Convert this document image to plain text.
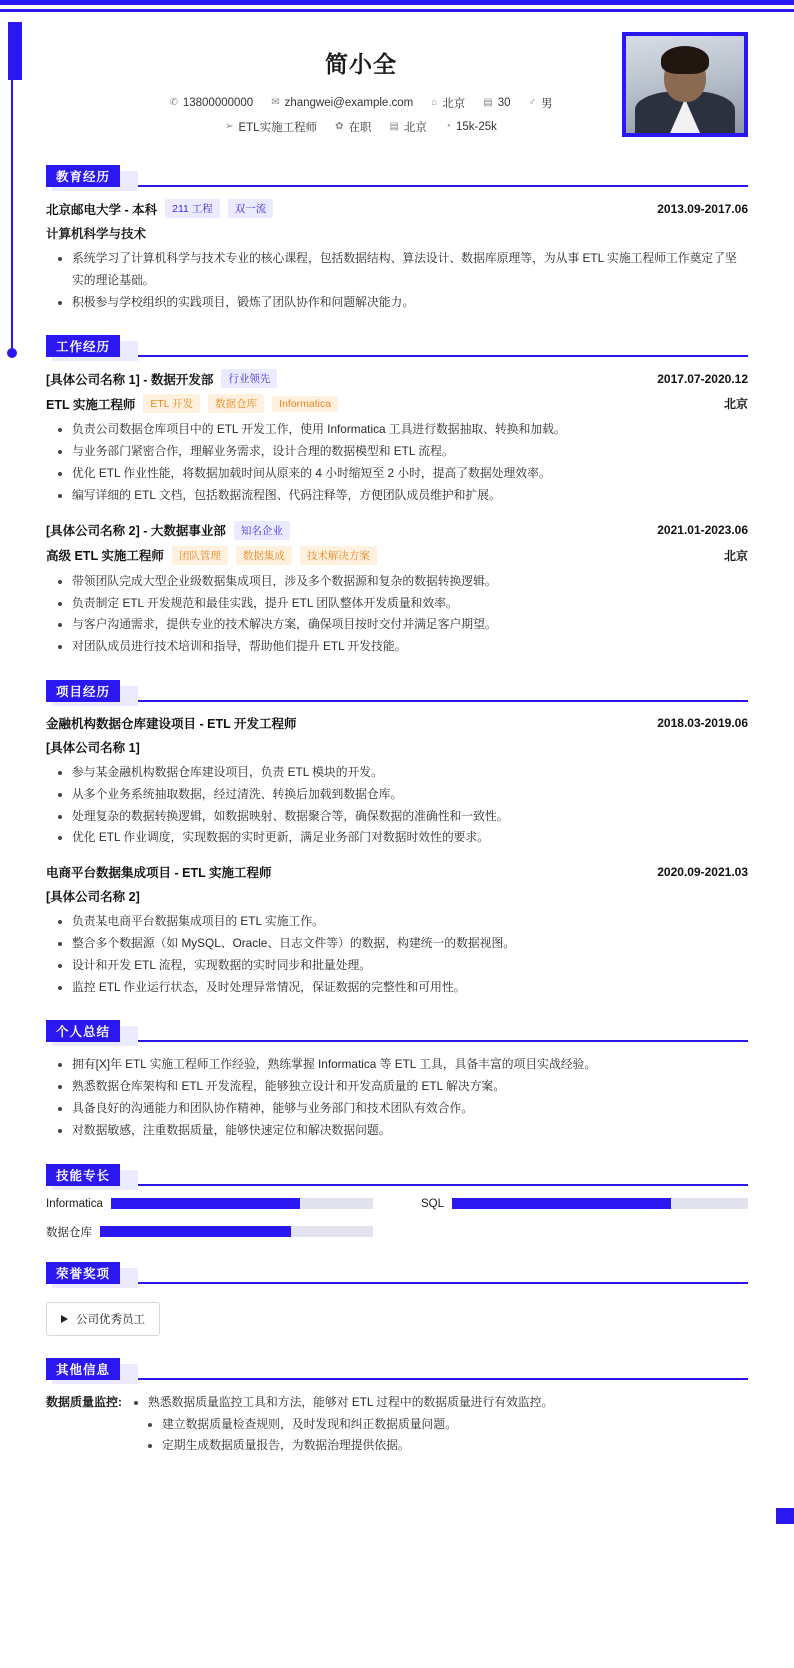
简小全
✆ 13800000000 ✉ zhangwei@example.com ⌂ 北京 ▤ 30 ♂ 男
➢ ETL实施工程师 ✿ 在职 ▤ 北京 ◔ 15k-25k
教育经历
北京邮电大学 - 本科	211 工程	双一流	2013.09-2017.06
计算机科学与技术
系统学习了计算机科学与技术专业的核心课程，包括数据结构、算法设计、数据库原理等，为从事 ETL 实施工程师工作奠定了坚实的理论基础。
积极参与学校组织的实践项目，锻炼了团队协作和问题解决能力。
工作经历
[具体公司名称 1] - 数据开发部	行业领先	2017.07-2020.12
ETL 实施工程师	ETL 开发	数据仓库	Informatica	北京
负责公司数据仓库项目中的 ETL 开发工作，使用 Informatica 工具进行数据抽取、转换和加载。
与业务部门紧密合作，理解业务需求，设计合理的数据模型和 ETL 流程。
优化 ETL 作业性能，将数据加载时间从原来的 4 小时缩短至 2 小时，提高了数据处理效率。
编写详细的 ETL 文档，包括数据流程图、代码注释等，方便团队成员维护和扩展。
[具体公司名称 2] - 大数据事业部	知名企业	2021.01-2023.06
高级 ETL 实施工程师	团队管理	数据集成	技术解决方案	北京
带领团队完成大型企业级数据集成项目，涉及多个数据源和复杂的数据转换逻辑。
负责制定 ETL 开发规范和最佳实践，提升 ETL 团队整体开发质量和效率。
与客户沟通需求，提供专业的技术解决方案，确保项目按时交付并满足客户期望。
对团队成员进行技术培训和指导，帮助他们提升 ETL 开发技能。
项目经历
金融机构数据仓库建设项目 - ETL 开发工程师	2018.03-2019.06
[具体公司名称 1]
参与某金融机构数据仓库建设项目，负责 ETL 模块的开发。
从多个业务系统抽取数据，经过清洗、转换后加载到数据仓库。
处理复杂的数据转换逻辑，如数据映射、数据聚合等，确保数据的准确性和一致性。
优化 ETL 作业调度，实现数据的实时更新，满足业务部门对数据时效性的要求。
电商平台数据集成项目 - ETL 实施工程师	2020.09-2021.03
[具体公司名称 2]
负责某电商平台数据集成项目的 ETL 实施工作。
整合多个数据源（如 MySQL、Oracle、日志文件等）的数据，构建统一的数据视图。
设计和开发 ETL 流程，实现数据的实时同步和批量处理。
监控 ETL 作业运行状态，及时处理异常情况，保证数据的完整性和可用性。
个人总结
拥有[X]年 ETL 实施工程师工作经验，熟练掌握 Informatica 等 ETL 工具，具备丰富的项目实战经验。
熟悉数据仓库架构和 ETL 开发流程，能够独立设计和开发高质量的 ETL 解决方案。
具备良好的沟通能力和团队协作精神，能够与业务部门和技术团队有效合作。
对数据敏感，注重数据质量，能够快速定位和解决数据问题。
技能专长
Informatica	SQL
数据仓库
荣誉奖项
公司优秀员工
其他信息
数据质量监控:	熟悉数据质量监控工具和方法，能够对 ETL 过程中的数据质量进行有效监控。
建立数据质量检查规则，及时发现和纠正数据质量问题。
定期生成数据质量报告，为数据治理提供依据。
